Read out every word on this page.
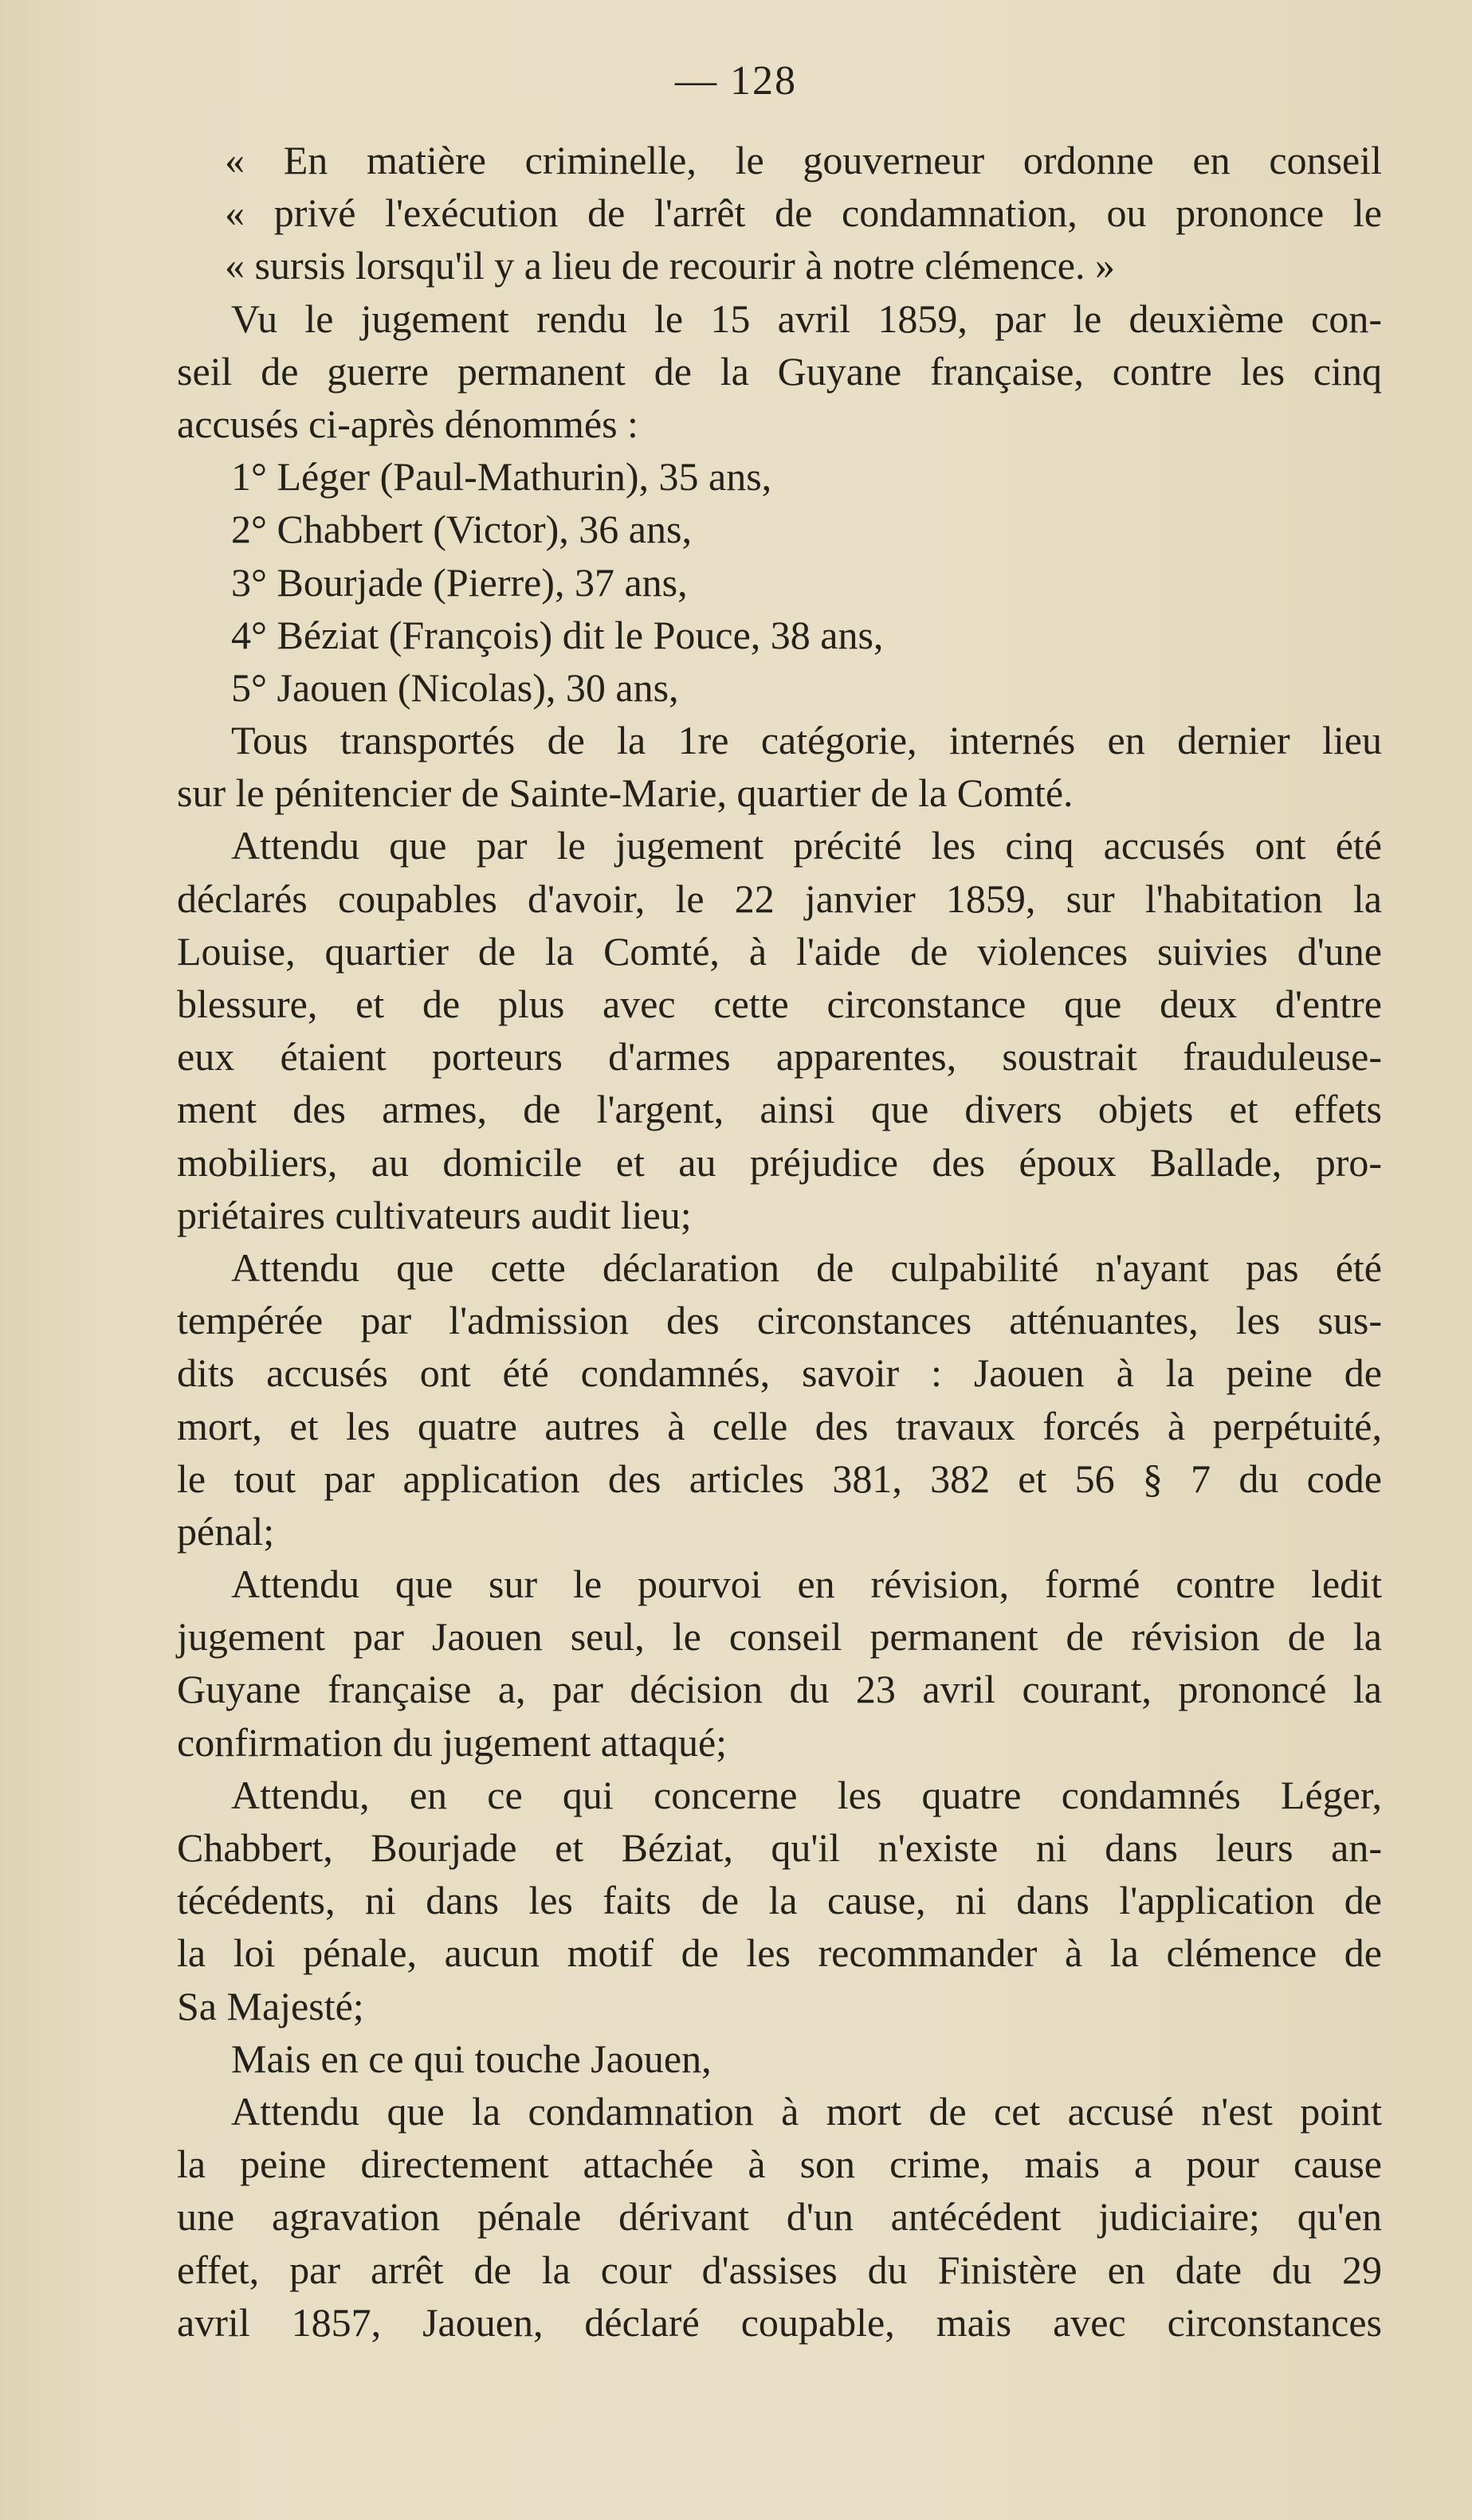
— 128
« En matière criminelle, le gouverneur ordonne en conseil
« privé l'exécution de l'arrêt de condamnation, ou prononce le
« sursis lorsqu'il y a lieu de recourir à notre clémence. »
Vu le jugement rendu le 15 avril 1859, par le deuxième con-
seil de guerre permanent de la Guyane française, contre les cinq
accusés ci-après dénommés :
1° Léger (Paul-Mathurin), 35 ans,
2° Chabbert (Victor), 36 ans,
3° Bourjade (Pierre), 37 ans,
4° Béziat (François) dit le Pouce, 38 ans,
5° Jaouen (Nicolas), 30 ans,
Tous transportés de la 1re catégorie, internés en dernier lieu
sur le pénitencier de Sainte-Marie, quartier de la Comté.
Attendu que par le jugement précité les cinq accusés ont été
déclarés coupables d'avoir, le 22 janvier 1859, sur l'habitation la
Louise, quartier de la Comté, à l'aide de violences suivies d'une
blessure, et de plus avec cette circonstance que deux d'entre
eux étaient porteurs d'armes apparentes, soustrait frauduleuse-
ment des armes, de l'argent, ainsi que divers objets et effets
mobiliers, au domicile et au préjudice des époux Ballade, pro-
priétaires cultivateurs audit lieu;
Attendu que cette déclaration de culpabilité n'ayant pas été
tempérée par l'admission des circonstances atténuantes, les sus-
dits accusés ont été condamnés, savoir : Jaouen à la peine de
mort, et les quatre autres à celle des travaux forcés à perpétuité,
le tout par application des articles 381, 382 et 56 § 7 du code
pénal;
Attendu que sur le pourvoi en révision, formé contre ledit
jugement par Jaouen seul, le conseil permanent de révision de la
Guyane française a, par décision du 23 avril courant, prononcé la
confirmation du jugement attaqué;
Attendu, en ce qui concerne les quatre condamnés Léger,
Chabbert, Bourjade et Béziat, qu'il n'existe ni dans leurs an-
técédents, ni dans les faits de la cause, ni dans l'application de
la loi pénale, aucun motif de les recommander à la clémence de
Sa Majesté;
Mais en ce qui touche Jaouen,
Attendu que la condamnation à mort de cet accusé n'est point
la peine directement attachée à son crime, mais a pour cause
une agravation pénale dérivant d'un antécédent judiciaire; qu'en
effet, par arrêt de la cour d'assises du Finistère en date du 29
avril 1857, Jaouen, déclaré coupable, mais avec circonstances
